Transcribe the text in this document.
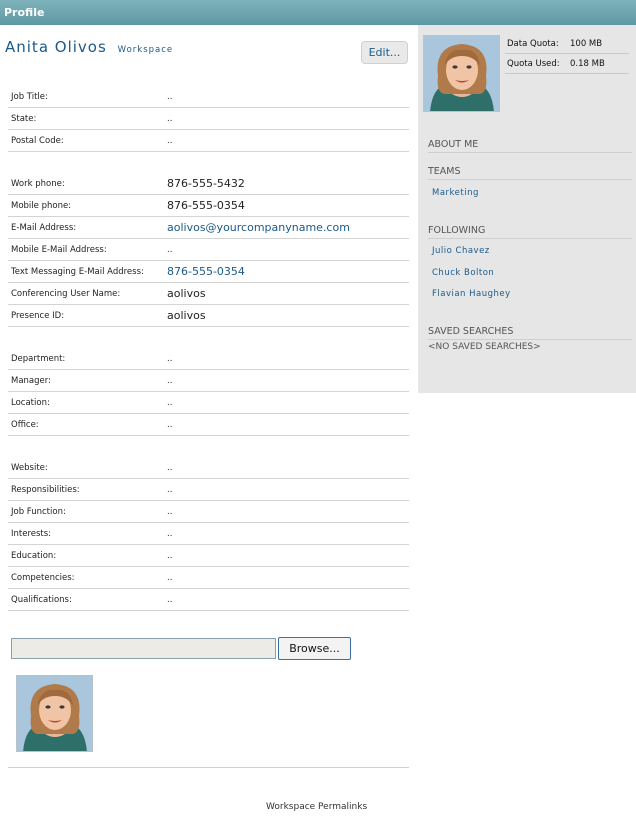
Profile
Anita Olivos Workspace	Edit...
Job Title:	..
State:	..
Postal Code:	..
Work phone:	876-555-5432
Mobile phone:	876-555-0354
E-Mail Address:	aolivos@yourcompanyname.com
Mobile E-Mail Address:	..
Text Messaging E-Mail Address: 876-555-0354
Conferencing User Name:	aolivos
Presence ID:	aolivos
Department:	..
Manager:	..
Location:	..
Office:	..
Website:	..
Responsibilities:	..
Job Function:	..
Interests:	..
Education:	..
Competencies:	..
Qualifications:	..
Browse...
Workspace Permalinks
Data Quota: 100 MB
Quota Used: 0.18 MB
ABOUT ME
TEAMS
Marketing
FOLLOWING
Julio Chavez
Chuck Bolton
Flavian Haughey
SAVED SEARCHES
<NO SAVED SEARCHES>
